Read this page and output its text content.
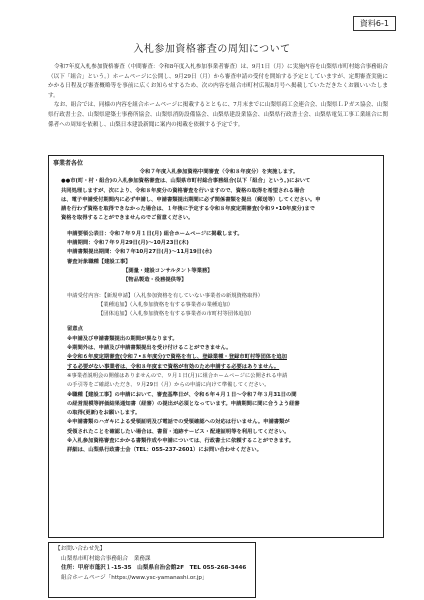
資料6-1
入札参加資格審査の周知について

令和7年度入札参加資格審査（中間審査：令和8年度入札参加事業者審査）は、9月1日（月）に実施内容を山梨県市町村総合事務組合（以下「組合」という。）ホームページに公開し、9月29日（月）から審査申請の受付を開始する予定としていますが、定期審査実施にかかる日程及び審査概略等を事前に広くお知らせするため、次の内容を組合市町村広報8月号へ掲載していただきたくお願いいたします。

なお、組合では、同様の内容を組合ホームページに掲載するとともに、7月末までに山梨県商工会連合会、山梨県ＬＰガス協会、山梨県行政書士会、山梨県建築士事務所協会、山梨県消防設備協会、山梨県建設業協会、山梨県行政書士会、山梨県電気工事工業組合に関係者への周知を依頼し、山梨日本建設新聞に案内の掲載を依頼する予定です。

事業者各位
令和７年度入札参加資格中間審査（令和８年度分）を実施します。
●●市(町・村・組合)の入札参加資格審査は、山梨県市町村総合事務組合(以下「組合」という。)において
共同処理しますが、次により、令和８年度分の資格審査を行いますので、資格の取得を希望される場合
は、電子申請受付期間内に必ず申請し、申請書類提出期間に必ず関係書類を提出（郵送等）してください。申
請を行わず資格を取得できなかった場合は、１年後に予定する令和８年度定期審査(令和９•10年度分)まで
資格を取得することができませんのでご留意ください。
申請要領公表日：令和７年９月１日(月) 組合ホームページに掲載します。
申請期間：令和７年９月29日(月)〜10月23日(木)
申請書類提出期間：令和７年10月27日(月)〜11月19日(水)
審査対象職種【建設工事】
【測量・建設コンサルタント等業務】
【物品製造・役務提供等】
申請受付内容：【新規申請】（入札参加資格を有していない事業者の新規資格取得）
【業種追加】（入札参加資格を有する事業者の業種追加）
【団体追加】（入札参加資格を有する事業者の市町村等団体追加）
留意点
※申請及び申請書類提出の期間が異なります。
※期間外は、申請及び申請書類提出を受け付けることができません。
※令和６年度定期審査(令和７•８年度分)で資格を有し、登録業種・登録市町村等団体を追加
する必要がない事業者は、令和８年度まで資格が有効のため申請する必要はありません。
※事業者説明会の開催はありませんので、９月１日(月)に組合ホームページに公開される申請
の手引等をご確認いただき、９月29日（月）からの申請に向けて準備してください。
※職種【建設工事】の申請において、審査基準日が、令和６年４月１日〜令和７年３月31日の間
の経営規模等評価結果通知書（経審）の提出が必須となっています。申請期間に間に合うよう経審
の取得(更新)をお願いします。
※申請書類のハガキによる受領証明及び電話での受領確認への対応は行いません。申請書類が
受領されたことを確認したい場合は、書留・追跡サービス・配達証明等を利用してください。
※入札参加資格審査にかかる書類作成や申請については、行政書士に依頼することができます。
詳細は、山梨県行政書士会（TEL：055-237-2601）にお問い合わせください。
【お問い合わせ先】
山梨県市町村総合事務組合　業務課
住所：甲府市蓬沢１-15-35　山梨県自治会館2F　TEL 055-268-3446
組合ホームページ「https://www.ysc-yamanashi.or.jp」
